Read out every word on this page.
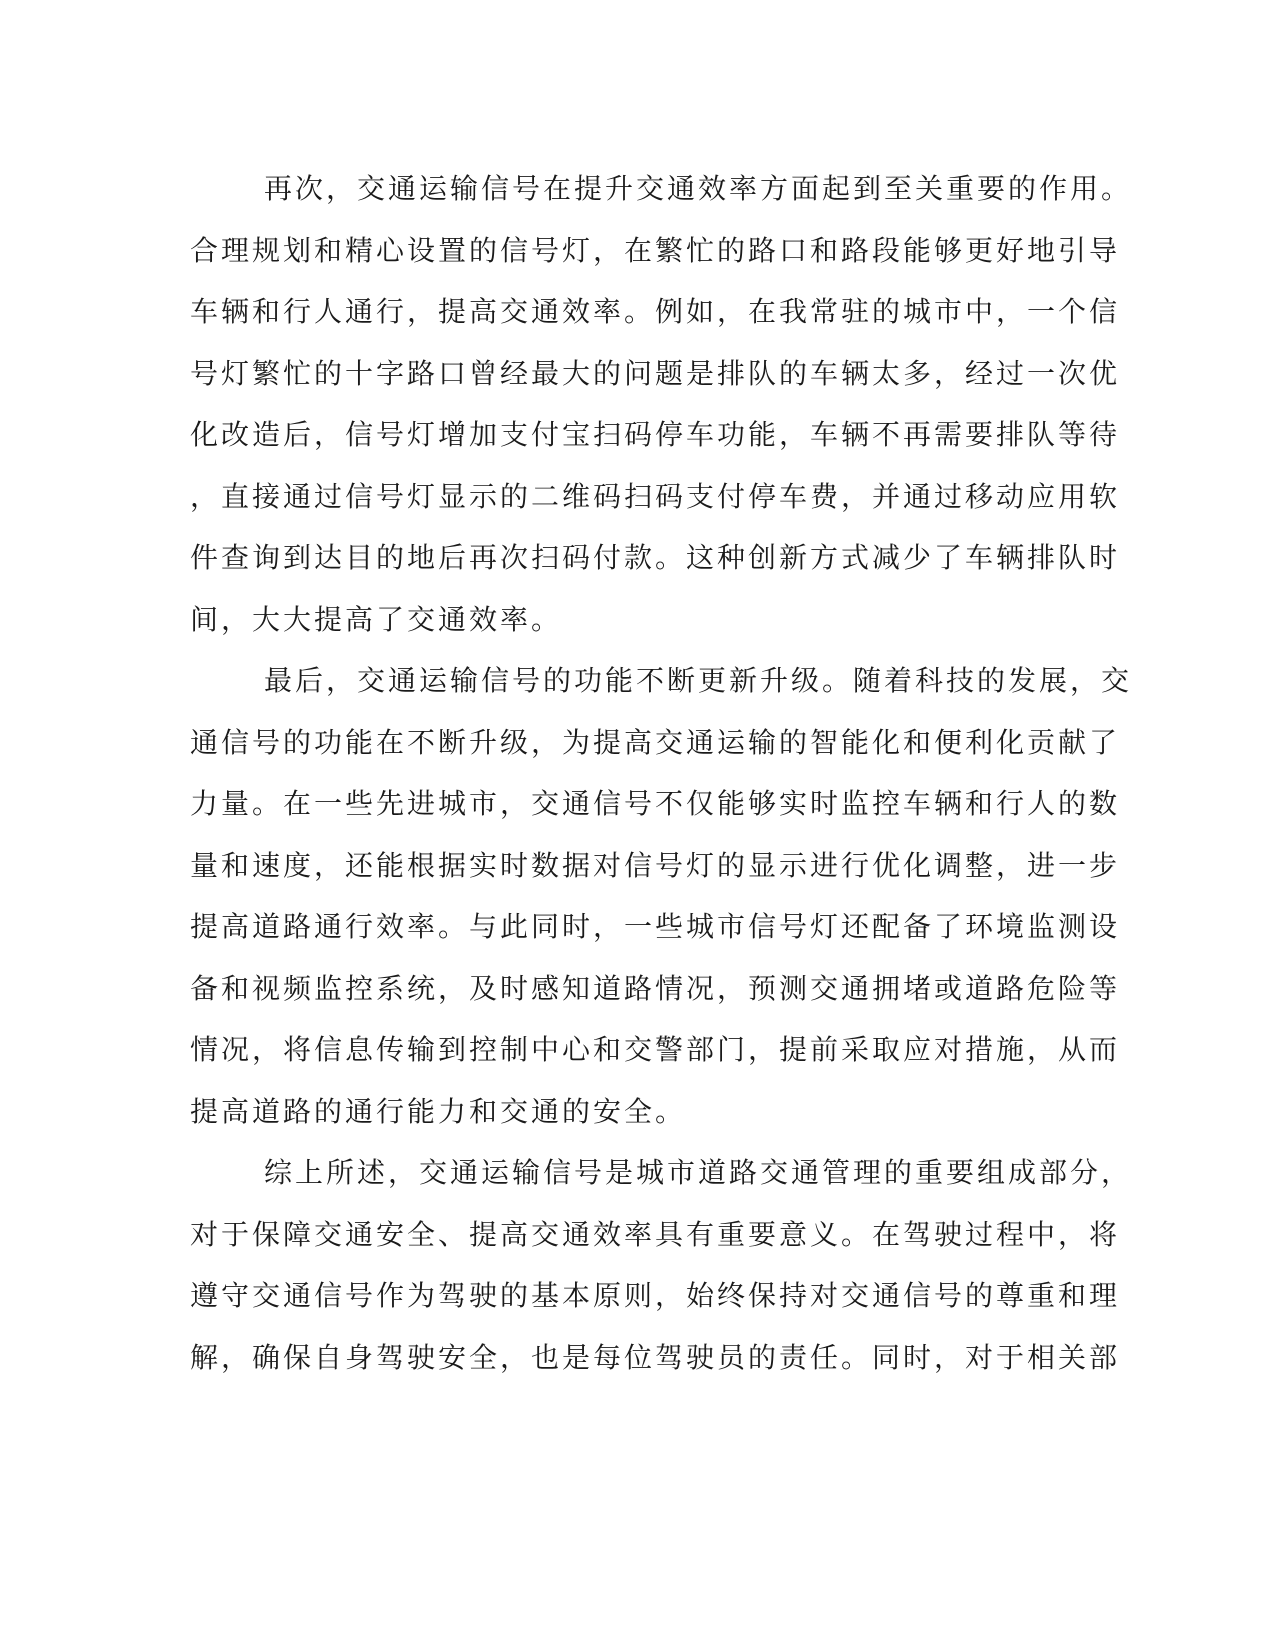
再次，交通运输信号在提升交通效率方面起到至关重要的作用。
合理规划和精心设置的信号灯，在繁忙的路口和路段能够更好地引导
车辆和行人通行，提高交通效率。例如，在我常驻的城市中，一个信
号灯繁忙的十字路口曾经最大的问题是排队的车辆太多，经过一次优
化改造后，信号灯增加支付宝扫码停车功能，车辆不再需要排队等待
，直接通过信号灯显示的二维码扫码支付停车费，并通过移动应用软
件查询到达目的地后再次扫码付款。这种创新方式减少了车辆排队时
间，大大提高了交通效率。
最后，交通运输信号的功能不断更新升级。随着科技的发展，交
通信号的功能在不断升级，为提高交通运输的智能化和便利化贡献了
力量。在一些先进城市，交通信号不仅能够实时监控车辆和行人的数
量和速度，还能根据实时数据对信号灯的显示进行优化调整，进一步
提高道路通行效率。与此同时，一些城市信号灯还配备了环境监测设
备和视频监控系统，及时感知道路情况，预测交通拥堵或道路危险等
情况，将信息传输到控制中心和交警部门，提前采取应对措施，从而
提高道路的通行能力和交通的安全。
综上所述，交通运输信号是城市道路交通管理的重要组成部分，
对于保障交通安全、提高交通效率具有重要意义。在驾驶过程中，将
遵守交通信号作为驾驶的基本原则，始终保持对交通信号的尊重和理
解，确保自身驾驶安全，也是每位驾驶员的责任。同时，对于相关部
